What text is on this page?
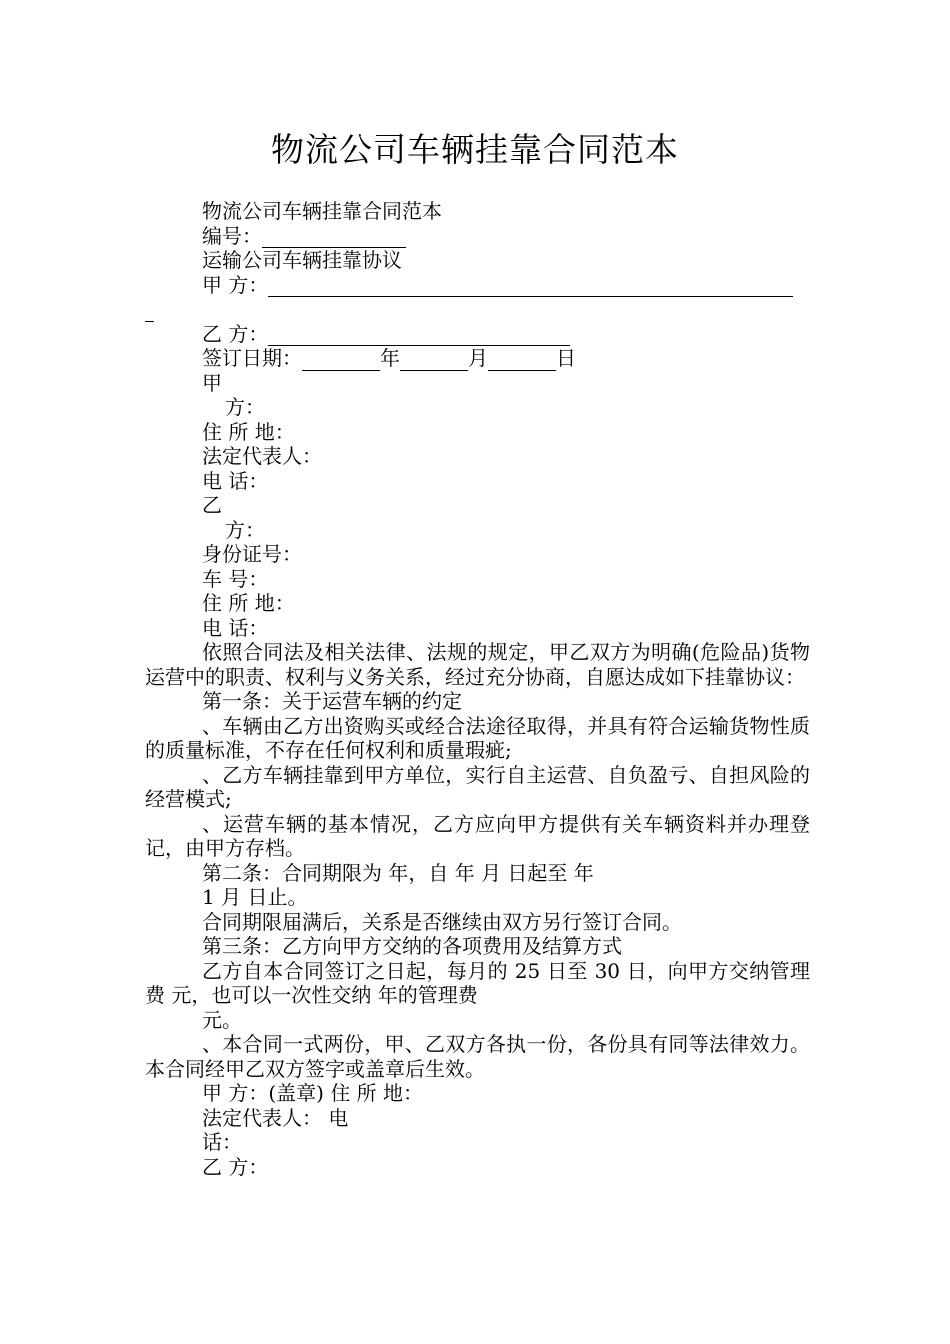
物流公司车辆挂靠合同范本
物流公司车辆挂靠合同范本
编号：
运输公司车辆挂靠协议
甲 方：
乙 方：
签订日期：	年	月	日
甲
方：
住 所 地：
法定代表人：
电 话：
乙
方：
身份证号：
车 号：
住 所 地：
电 话：
依照合同法及相关法律、法规的规定，甲乙双方为明确(危险品)货物运营中的职责、权利与义务关系，经过充分协商，自愿达成如下挂靠协议：
第一条：关于运营车辆的约定
、车辆由乙方出资购买或经合法途径取得，并具有符合运输货物性质的质量标准，不存在任何权利和质量瑕疵;
、乙方车辆挂靠到甲方单位，实行自主运营、自负盈亏、自担风险的经营模式;
、运营车辆的基本情况，乙方应向甲方提供有关车辆资料并办理登记，由甲方存档。
第二条：合同期限为 年，自 年 月 日起至 年
1 月 日止。
合同期限届满后，关系是否继续由双方另行签订合同。
第三条：乙方向甲方交纳的各项费用及结算方式
乙方自本合同签订之日起，每月的 25 日至 30 日，向甲方交纳管理费 元，也可以一次性交纳 年的管理费
元。
、本合同一式两份，甲、乙双方各执一份，各份具有同等法律效力。本合同经甲乙双方签字或盖章后生效。
甲 方：(盖章) 住 所 地：
法定代表人： 电
话：
乙 方：
